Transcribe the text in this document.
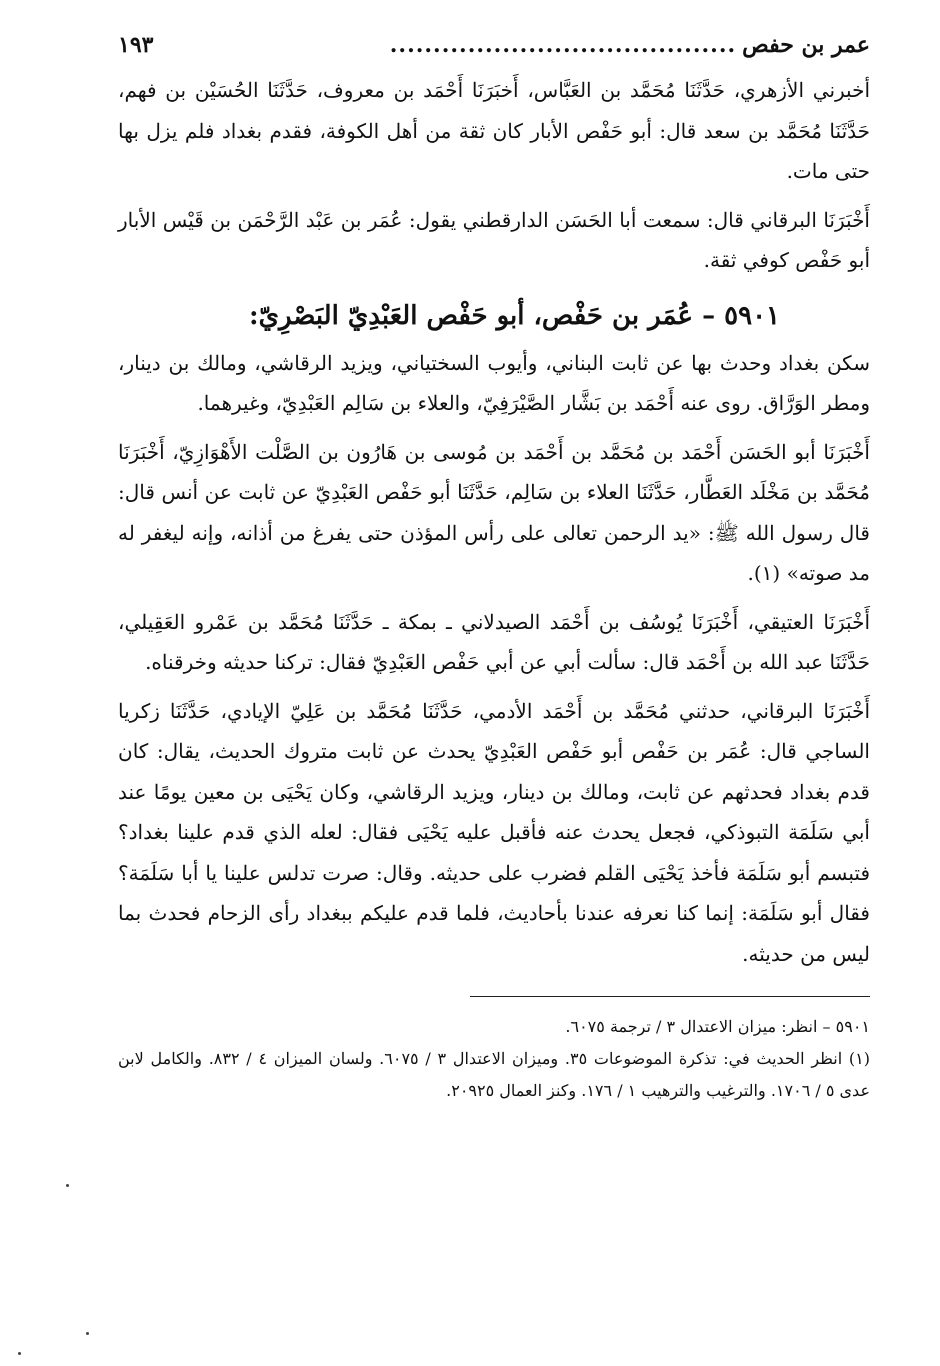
عمر بن حفص
........................................
١٩٣

أخبرني الأزهري، حَدَّثَنَا مُحَمَّد بن العَبَّاس، أَخبَرَنَا أَحْمَد بن معروف، حَدَّثَنَا الحُسَيْن بن فهم، حَدَّثَنَا مُحَمَّد بن سعد قال: أبو حَفْص الأبار كان ثقة من أهل الكوفة، فقدم بغداد فلم يزل بها حتى مات.

أَخْبَرَنَا البرقاني قال: سمعت أبا الحَسَن الدارقطني يقول: عُمَر بن عَبْد الرَّحْمَن بن قَيْس الأبار أبو حَفْص كوفي ثقة.

٥٩٠١ – عُمَر بن حَفْص، أبو حَفْص العَبْدِيّ البَصْرِيّ:

سكن بغداد وحدث بها عن ثابت البناني، وأيوب السختياني، ويزيد الرقاشي، ومالك بن دينار، ومطر الوَرَّاق. روى عنه أَحْمَد بن بَشَّار الصَّيْرَفِيّ، والعلاء بن سَالِم العَبْدِيّ، وغيرهما.

أَخْبَرَنَا أبو الحَسَن أَحْمَد بن مُحَمَّد بن أَحْمَد بن مُوسى بن هَارُون بن الصَّلْت الأَهْوَازِيّ، أَخْبَرَنَا مُحَمَّد بن مَخْلَد العَطَّار، حَدَّثَنَا العلاء بن سَالِم، حَدَّثَنَا أبو حَفْص العَبْدِيّ عن ثابت عن أنس قال: قال رسول الله ﷺ: «يد الرحمن تعالى على رأس المؤذن حتى يفرغ من أذانه، وإنه ليغفر له مد صوته» (١).

أَخْبَرَنَا العتيقي، أَخْبَرَنَا يُوسُف بن أَحْمَد الصيدلاني ـ بمكة ـ حَدَّثَنَا مُحَمَّد بن عَمْرو العَقِيلي، حَدَّثَنَا عبد الله بن أَحْمَد قال: سألت أبي عن أبي حَفْص العَبْدِيّ فقال: تركنا حديثه وخرقناه.

أَخْبَرَنَا البرقاني، حدثني مُحَمَّد بن أَحْمَد الأدمي، حَدَّثَنَا مُحَمَّد بن عَلِيّ الإيادي، حَدَّثَنَا زكريا الساجي قال: عُمَر بن حَفْص أبو حَفْص العَبْدِيّ يحدث عن ثابت متروك الحديث، يقال: كان قدم بغداد فحدثهم عن ثابت، ومالك بن دينار، ويزيد الرقاشي، وكان يَحْيَى بن معين يومًا عند أبي سَلَمَة التبوذكي، فجعل يحدث عنه فأقبل عليه يَحْيَى فقال: لعله الذي قدم علينا بغداد؟ فتبسم أبو سَلَمَة فأخذ يَحْيَى القلم فضرب على حديثه. وقال: صرت تدلس علينا يا أبا سَلَمَة؟ فقال أبو سَلَمَة: إنما كنا نعرفه عندنا بأحاديث، فلما قدم عليكم ببغداد رأى الزحام فحدث بما ليس من حديثه.

٥٩٠١ – انظر: ميزان الاعتدال ٣ / ترجمة ٦٠٧٥.

(١) انظر الحديث في: تذكرة الموضوعات ٣٥. وميزان الاعتدال ٣ / ٦٠٧٥. ولسان الميزان ٤ / ٨٣٢. والكامل لابن عدى ٥ / ١٧٠٦. والترغيب والترهيب ١ / ١٧٦. وكنز العمال ٢٠٩٢٥.
